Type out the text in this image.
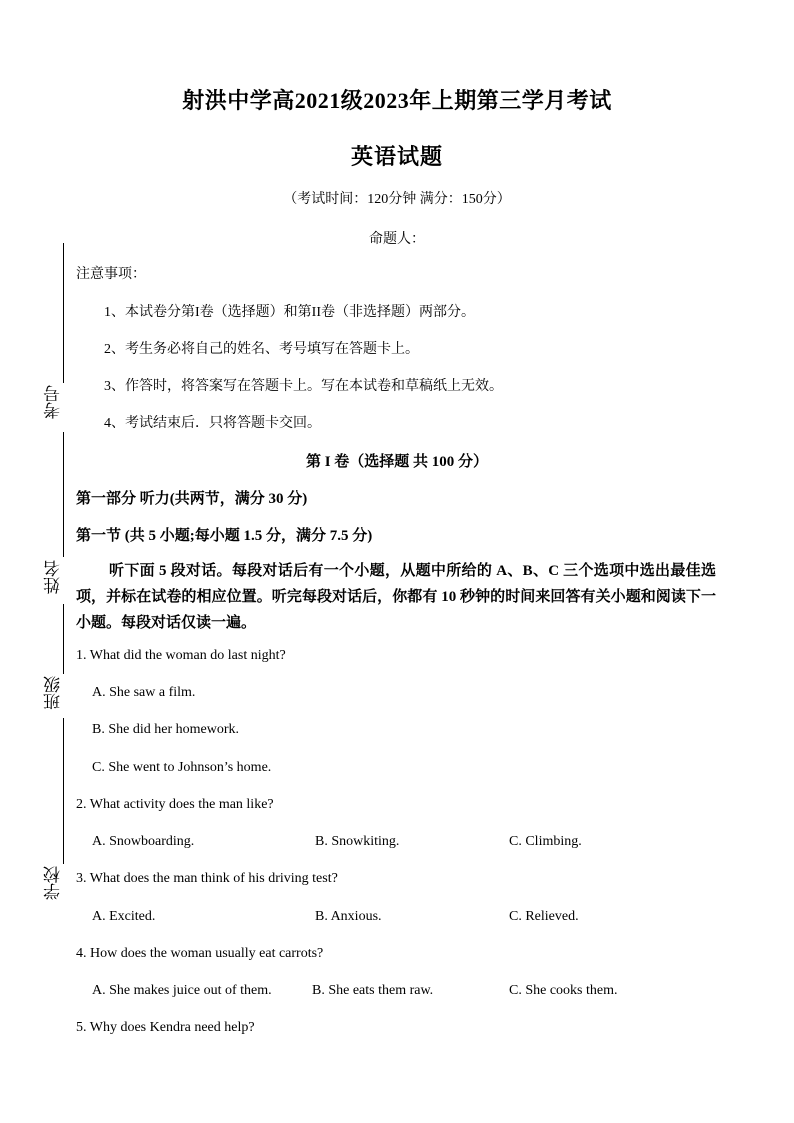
射洪中学高2021级2023年上期第三学月考试
英语试题
（考试时间：120分钟 满分：150分）
命题人：
考号
姓名
班级
学校
注意事项：
1、本试卷分第I卷（选择题）和第II卷（非选择题）两部分。
2、考生务必将自己的姓名、考号填写在答题卡上。
3、作答时，将答案写在答题卡上。写在本试卷和草稿纸上无效。
4、考试结束后．只将答题卡交回。
第 I 卷（选择题 共 100 分）
第一部分 听力(共两节，满分 30 分)
第一节 (共 5 小题;每小题 1.5 分，满分 7.5 分)
听下面 5 段对话。每段对话后有一个小题，从题中所给的 A、B、C 三个选项中选出最佳选项，并标在试卷的相应位置。听完每段对话后，你都有 10 秒钟的时间来回答有关小题和阅读下一小题。每段对话仅读一遍。
1. What did the woman do last night?
A. She saw a film.
B. She did her homework.
C. She went to Johnson’s home.
2. What activity does the man like?
A. Snowboarding.	B. Snowkiting.	C. Climbing.
3. What does the man think of his driving test?
A. Excited.	B. Anxious.	C. Relieved.
4. How does the woman usually eat carrots?
A. She makes juice out of them.	B. She eats them raw.	C. She cooks them.
5. Why does Kendra need help?
